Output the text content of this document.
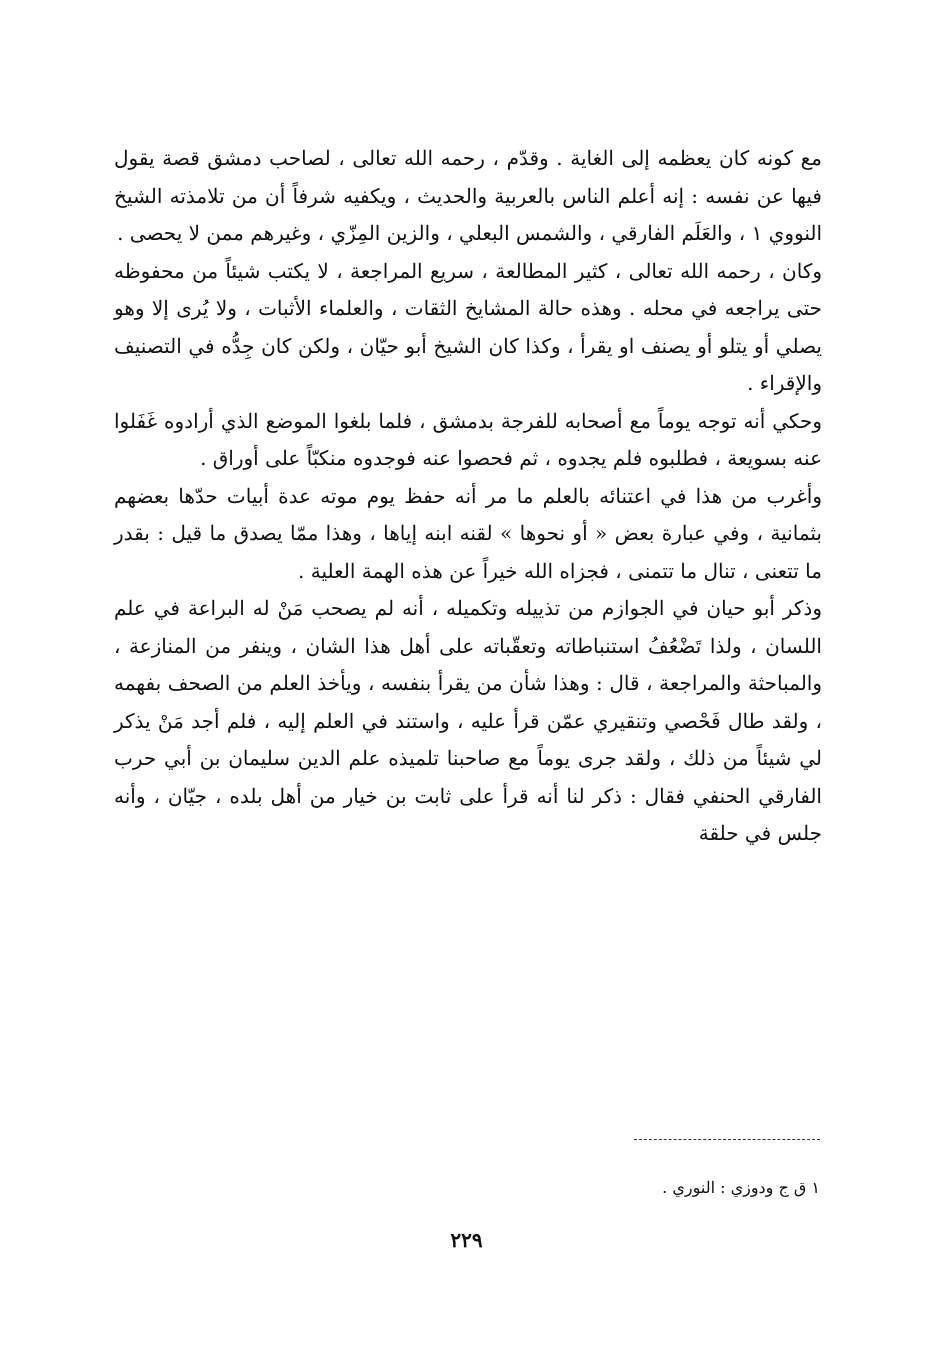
مع كونه كان يعظمه إلى الغاية . وقدّم ، رحمه الله تعالى ، لصاحب دمشق قصة يقول فيها عن نفسه : إنه أعلم الناس بالعربية والحديث ، ويكفيه شرفاً أن من تلامذته الشيخ النووي ١ ، والعَلَم الفارقي ، والشمس البعلي ، والزين المِزّي ، وغيرهم ممن لا يحصى .

وكان ، رحمه الله تعالى ، كثير المطالعة ، سريع المراجعة ، لا يكتب شيئاً من محفوظه حتى يراجعه في محله . وهذه حالة المشايخ الثقات ، والعلماء الأثبات ، ولا يُرى إلا وهو يصلي أو يتلو أو يصنف او يقرأ ، وكذا كان الشيخ أبو حيّان ، ولكن كان جِدُّه في التصنيف والإقراء .

وحكي أنه توجه يوماً مع أصحابه للفرجة بدمشق ، فلما بلغوا الموضع الذي أرادوه غَفَلوا عنه بسويعة ، فطلبوه فلم يجدوه ، ثم فحصوا عنه فوجدوه منكبّاً على أوراق .

وأغرب من هذا في اعتنائه بالعلم ما مر أنه حفظ يوم موته عدة أبيات حدّها بعضهم بثمانية ، وفي عبارة بعض « أو نحوها » لقنه ابنه إياها ، وهذا ممّا يصدق ما قيل : بقدر ما تتعنى ، تنال ما تتمنى ، فجزاه الله خيراً عن هذه الهمة العلية .

وذكر أبو حيان في الجوازم من تذييله وتكميله ، أنه لم يصحب مَنْ له البراعة في علم اللسان ، ولذا تَضْعُفُ استنباطاته وتعقّباته على أهل هذا الشان ، وينفر من المنازعة ، والمباحثة والمراجعة ، قال : وهذا شأن من يقرأ بنفسه ، ويأخذ العلم من الصحف بفهمه ، ولقد طال فَحْصي وتنقيري عمّن قرأ عليه ، واستند في العلم إليه ، فلم أجد مَنْ يذكر لي شيئاً من ذلك ، ولقد جرى يوماً مع صاحبنا تلميذه علم الدين سليمان بن أبي حرب الفارقي الحنفي فقال : ذكر لنا أنه قرأ على ثابت بن خيار من أهل بلده ، جيّان ، وأنه جلس في حلقة

١ ق ج ودوزي : النوري .
٢٢٩
